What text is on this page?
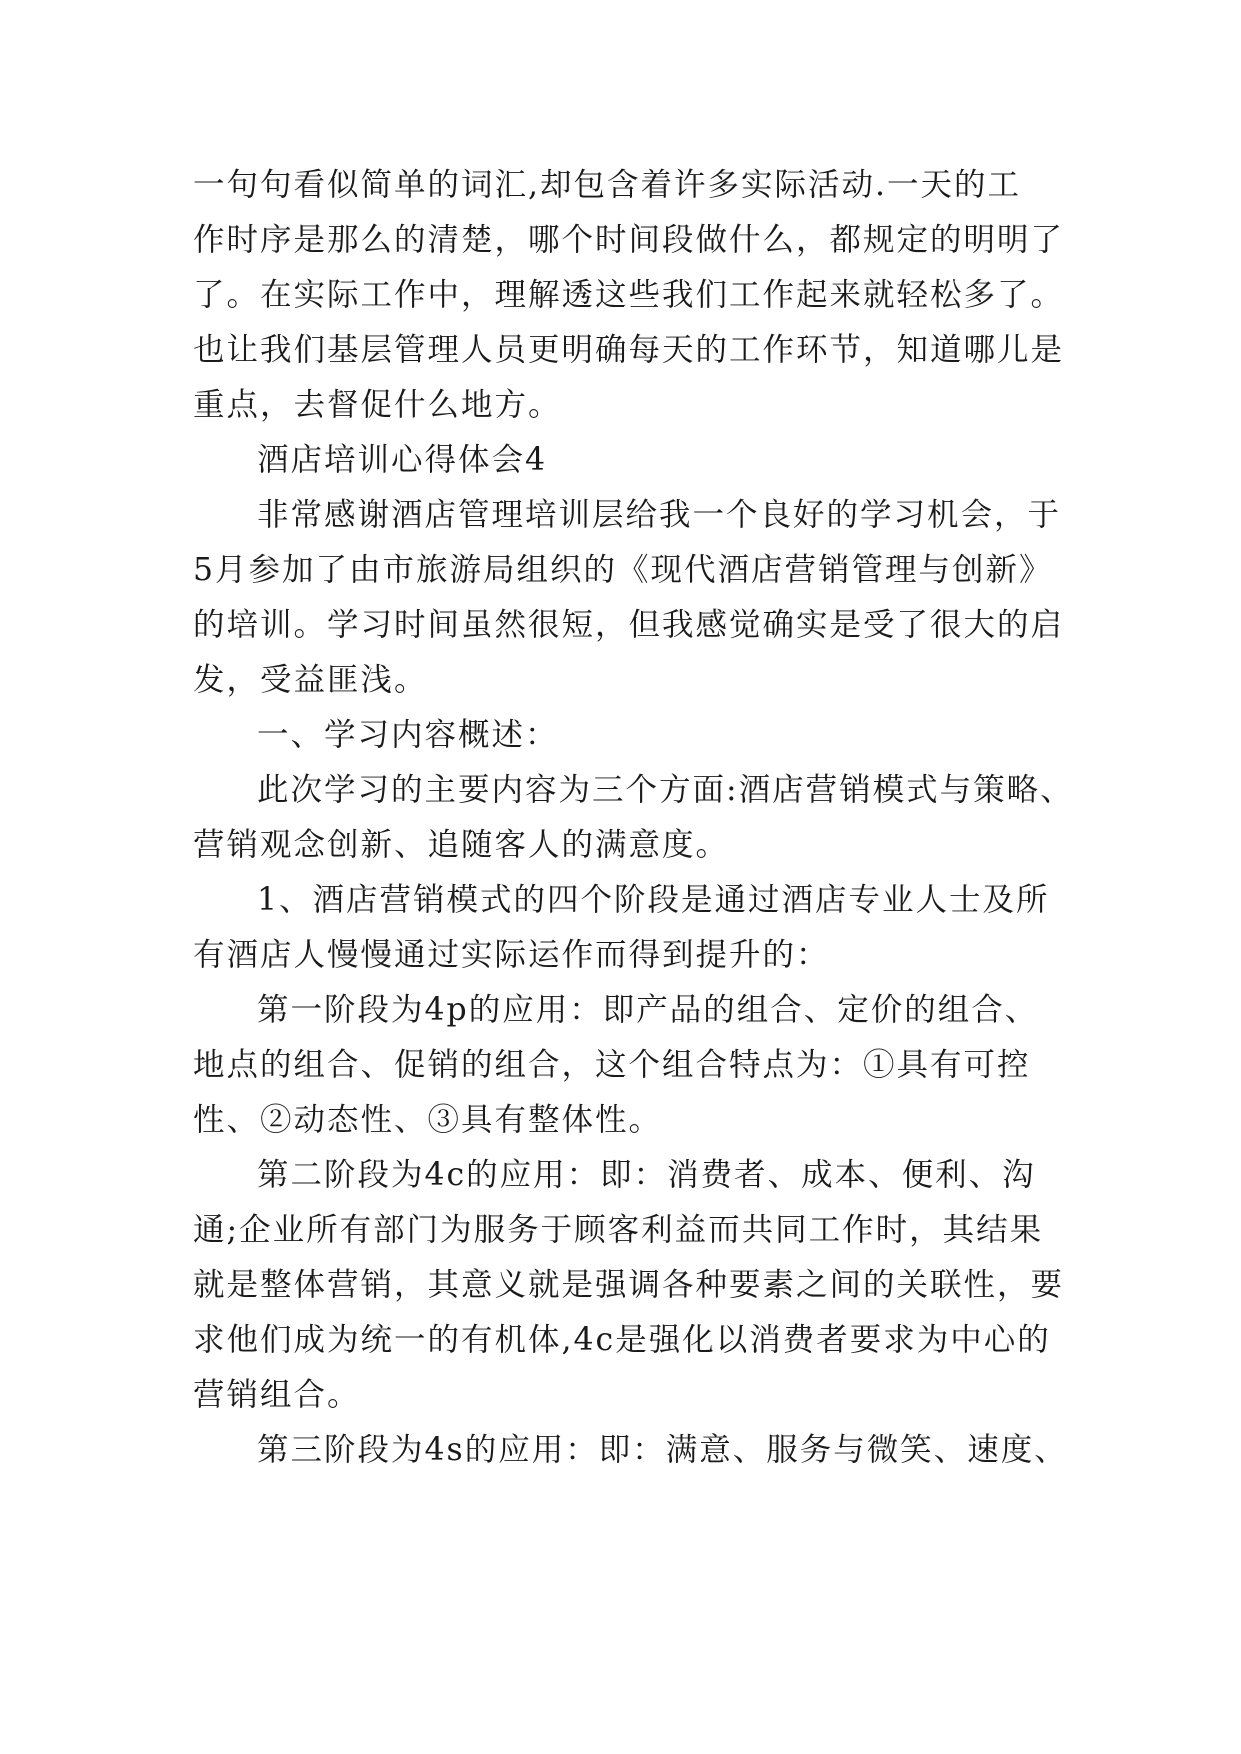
一句句看似简单的词汇,却包含着许多实际活动.一天的工
作时序是那么的清楚，哪个时间段做什么，都规定的明明了
了。在实际工作中，理解透这些我们工作起来就轻松多了。
也让我们基层管理人员更明确每天的工作环节，知道哪儿是
重点，去督促什么地方。
酒店培训心得体会4
非常感谢酒店管理培训层给我一个良好的学习机会，于
5月参加了由市旅游局组织的《现代酒店营销管理与创新》
的培训。学习时间虽然很短，但我感觉确实是受了很大的启
发，受益匪浅。
一、学习内容概述：
此次学习的主要内容为三个方面:酒店营销模式与策略、
营销观念创新、追随客人的满意度。
1、酒店营销模式的四个阶段是通过酒店专业人士及所
有酒店人慢慢通过实际运作而得到提升的：
第一阶段为4p的应用：即产品的组合、定价的组合、
地点的组合、促销的组合，这个组合特点为：①具有可控
性、②动态性、③具有整体性。
第二阶段为4c的应用：即：消费者、成本、便利、沟
通;企业所有部门为服务于顾客利益而共同工作时，其结果
就是整体营销，其意义就是强调各种要素之间的关联性，要
求他们成为统一的有机体,4c是强化以消费者要求为中心的
营销组合。
第三阶段为4s的应用：即：满意、服务与微笑、速度、
